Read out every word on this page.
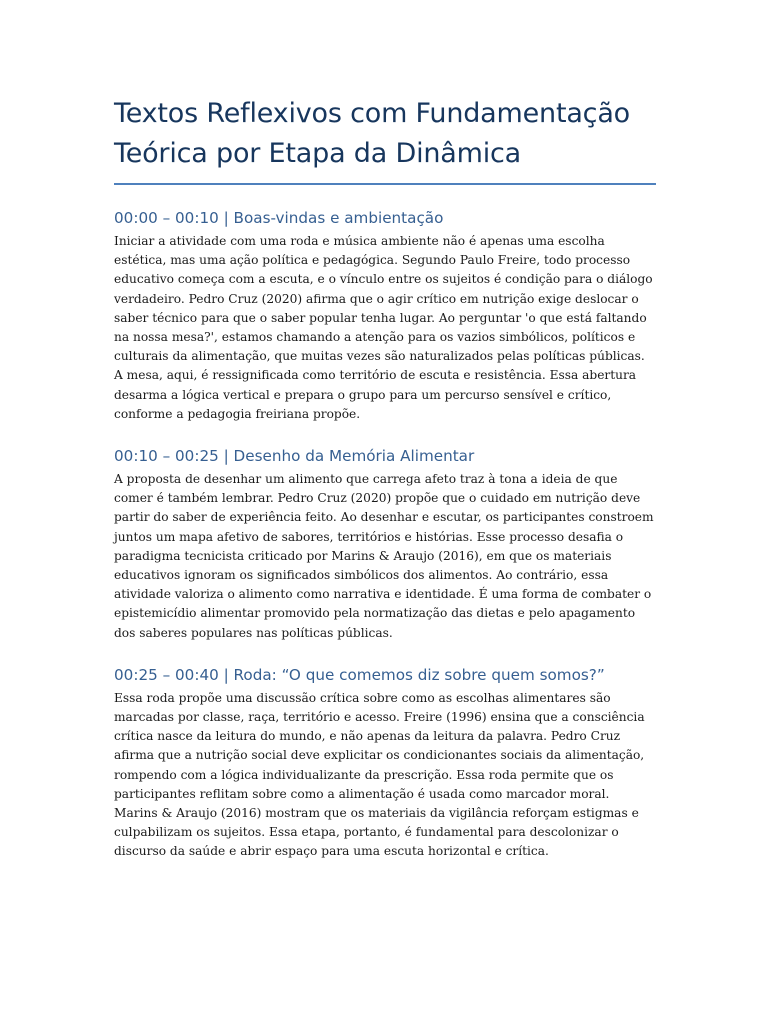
Textos Reflexivos com Fundamentação Teórica por Etapa da Dinâmica
00:00 – 00:10 | Boas-vindas e ambientação

Iniciar a atividade com uma roda e música ambiente não é apenas uma escolha estética, mas uma ação política e pedagógica. Segundo Paulo Freire, todo processo educativo começa com a escuta, e o vínculo entre os sujeitos é condição para o diálogo verdadeiro. Pedro Cruz (2020) afirma que o agir crítico em nutrição exige deslocar o saber técnico para que o saber popular tenha lugar. Ao perguntar 'o que está faltando na nossa mesa?', estamos chamando a atenção para os vazios simbólicos, políticos e culturais da alimentação, que muitas vezes são naturalizados pelas políticas públicas. A mesa, aqui, é ressignificada como território de escuta e resistência. Essa abertura desarma a lógica vertical e prepara o grupo para um percurso sensível e crítico, conforme a pedagogia freiriana propõe.

00:10 – 00:25 | Desenho da Memória Alimentar

A proposta de desenhar um alimento que carrega afeto traz à tona a ideia de que comer é também lembrar. Pedro Cruz (2020) propõe que o cuidado em nutrição deve partir do saber de experiência feito. Ao desenhar e escutar, os participantes constroem juntos um mapa afetivo de sabores, territórios e histórias. Esse processo desafia o paradigma tecnicista criticado por Marins & Araujo (2016), em que os materiais educativos ignoram os significados simbólicos dos alimentos. Ao contrário, essa atividade valoriza o alimento como narrativa e identidade. É uma forma de combater o epistemicídio alimentar promovido pela normatização das dietas e pelo apagamento dos saberes populares nas políticas públicas.

00:25 – 00:40 | Roda: “O que comemos diz sobre quem somos?”

Essa roda propõe uma discussão crítica sobre como as escolhas alimentares são marcadas por classe, raça, território e acesso. Freire (1996) ensina que a consciência crítica nasce da leitura do mundo, e não apenas da leitura da palavra. Pedro Cruz afirma que a nutrição social deve explicitar os condicionantes sociais da alimentação, rompendo com a lógica individualizante da prescrição. Essa roda permite que os participantes reflitam sobre como a alimentação é usada como marcador moral. Marins & Araujo (2016) mostram que os materiais da vigilância reforçam estigmas e culpabilizam os sujeitos. Essa etapa, portanto, é fundamental para descolonizar o discurso da saúde e abrir espaço para uma escuta horizontal e crítica.
